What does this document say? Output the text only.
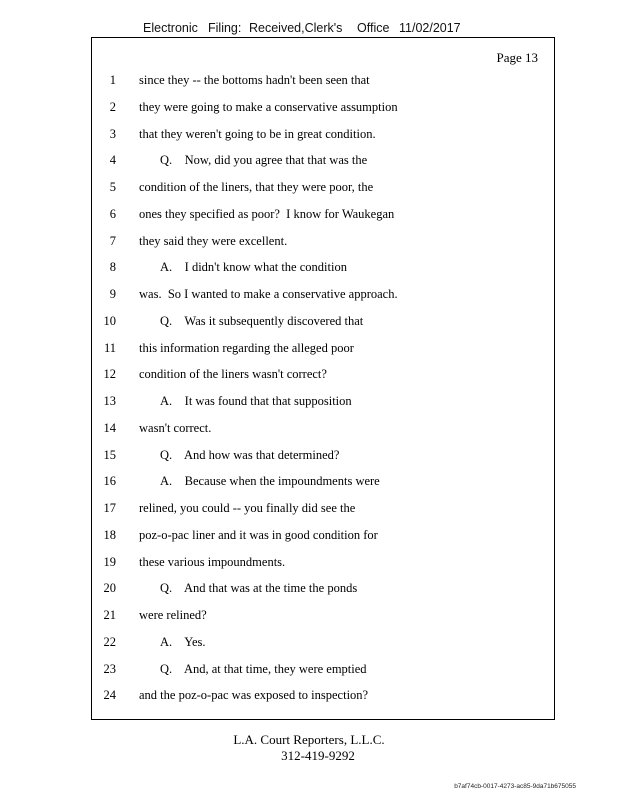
Electronic Filing: Received,Clerk's Office 11/02/2017
Page 13
1 since they -- the bottoms hadn't been seen that
2 they were going to make a conservative assumption
3 that they weren't going to be in great condition.
4	Q.    Now, did you agree that that was the
5 condition of the liners, that they were poor, the
6 ones they specified as poor?  I know for Waukegan
7 they said they were excellent.
8	A.    I didn't know what the condition
9 was.  So I wanted to make a conservative approach.
10	Q.    Was it subsequently discovered that
11 this information regarding the alleged poor
12 condition of the liners wasn't correct?
13	A.    It was found that that supposition
14 wasn't correct.
15	Q.    And how was that determined?
16	A.    Because when the impoundments were
17 relined, you could -- you finally did see the
18 poz-o-pac liner and it was in good condition for
19 these various impoundments.
20	Q.    And that was at the time the ponds
21 were relined?
22	A.    Yes.
23	Q.    And, at that time, they were emptied
24 and the poz-o-pac was exposed to inspection?
L.A. Court Reporters, L.L.C.
312-419-9292
b7af74cb-0017-4273-ac85-9da71b675055
